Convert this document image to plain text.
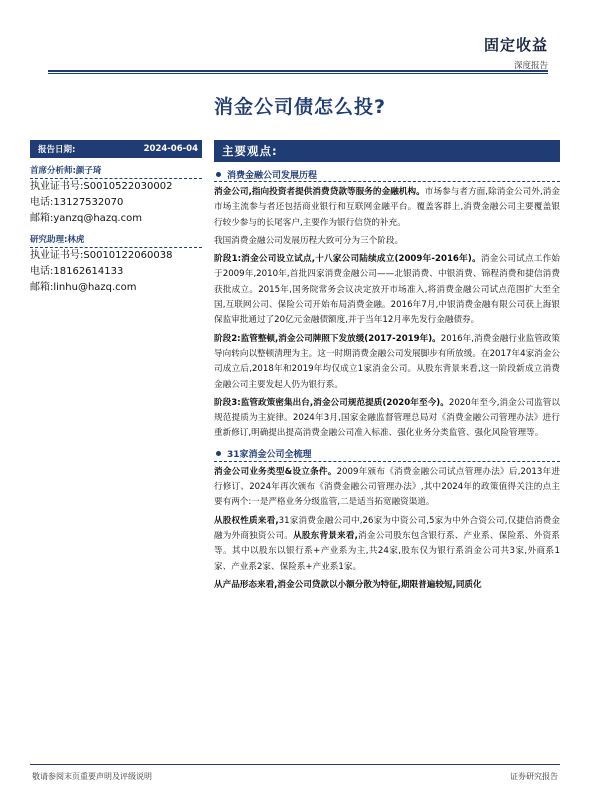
固定收益
深度报告
消金公司债怎么投?
报告日期:	2024-06-04
首席分析师:颜子琦
执业证书号:S0010522030002
电话:13127532070
邮箱:yanzq@hazq.com
研究助理:林虎
执业证书号:S0010122060038
电话:18162614133
邮箱:linhu@hazq.com
主要观点:
消费金融公司发展历程

消金公司,指向投资者提供消费贷款等服务的金融机构。市场参与者方面,除消金公司外,消金市场主流参与者还包括商业银行和互联网金融平台。覆盖客群上,消费金融公司主要覆盖银行较少参与的长尾客户,主要作为银行信贷的补充。

我国消费金融公司发展历程大致可分为三个阶段。

阶段1:消金公司设立试点,十八家公司陆续成立(2009年-2016年)。消金公司试点工作始于2009年,2010年,首批四家消费金融公司——北银消费、中银消费、锦程消费和捷信消费获批成立。2015年,国务院常务会议决定放开市场准入,将消费金融公司试点范围扩大至全国,互联网公司、保险公司开始布局消费金融。2016年7月,中银消费金融有限公司获上海银保监审批通过了20亿元金融债额度,并于当年12月率先发行金融债券。

阶段2:监管整顿,消金公司牌照下发放缓(2017-2019年)。2016年,消费金融行业监管政策导向转向以整顿清理为主。这一时期消费金融公司发展脚步有所放缓。在2017年4家消金公司成立后,2018年和2019年均仅成立1家消金公司。从股东背景来看,这一阶段新成立消费金融公司主要发起人仍为银行系。

阶段3:监管政策密集出台,消金公司规范提质(2020年至今)。2020年至今,消金公司监管以规范提质为主旋律。2024年3月,国家金融监督管理总局对《消费金融公司管理办法》进行重新修订,明确提出提高消费金融公司准入标准、强化业务分类监管、强化风险管理等。

31家消金公司全梳理

消金公司业务类型&设立条件。2009年颁布《消费金融公司试点管理办法》后,2013年进行修订、2024年再次颁布《消费金融公司管理办法》,其中2024年的政策值得关注的点主要有两个:一是严格业务分级监管,二是适当拓宽融资渠道。

从股权性质来看,31家消费金融公司中,26家为中资公司,5家为中外合资公司,仅捷信消费金融为外商独资公司。从股东背景来看,消金公司股东包含银行系、产业系、保险系、外资系等。其中以股东以银行系+产业系为主,共24家,股东仅为银行系消金公司共3家,外商系1家、产业系2家、保险系+产业系1家。

从产品形态来看,消金公司贷款以小额分散为特征,期限普遍较短,同质化

敬请参阅末页重要声明及评级说明	证券研究报告
